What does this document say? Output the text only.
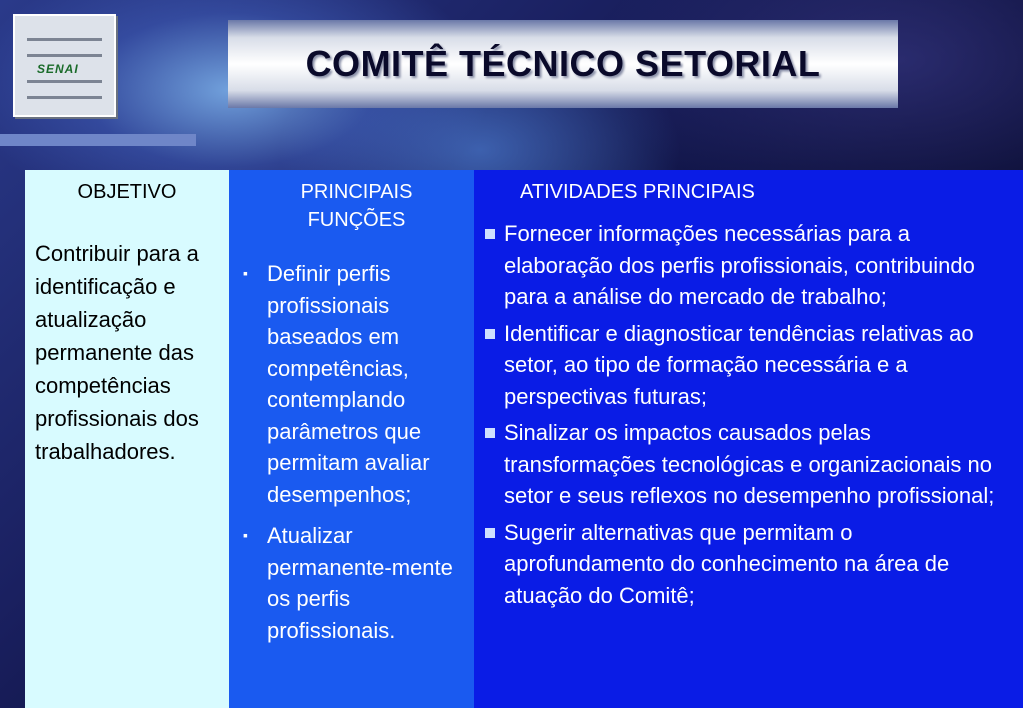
SENAI	COMITÊ TÉCNICO SETORIAL
OBJETIVO
Contribuir para a identificação e atualização permanente das competências profissionais dos trabalhadores.
PRINCIPAIS
FUNÇÕES
▪ Definir perfis profissionais baseados em competências, contemplando parâmetros que permitam avaliar desempenhos;
▪ Atualizar permanente-mente os perfis profissionais.
ATIVIDADES PRINCIPAIS
Fornecer informações necessárias para a elaboração dos perfis profissionais, contribuindo para a análise do mercado de trabalho;
Identificar e diagnosticar tendências relativas ao setor, ao tipo de formação necessária e a perspectivas futuras;
Sinalizar os impactos causados pelas transformações tecnológicas e organizacionais no setor e seus reflexos no desempenho profissional;
Sugerir alternativas que permitam o aprofundamento do conhecimento na área de atuação do Comitê;
